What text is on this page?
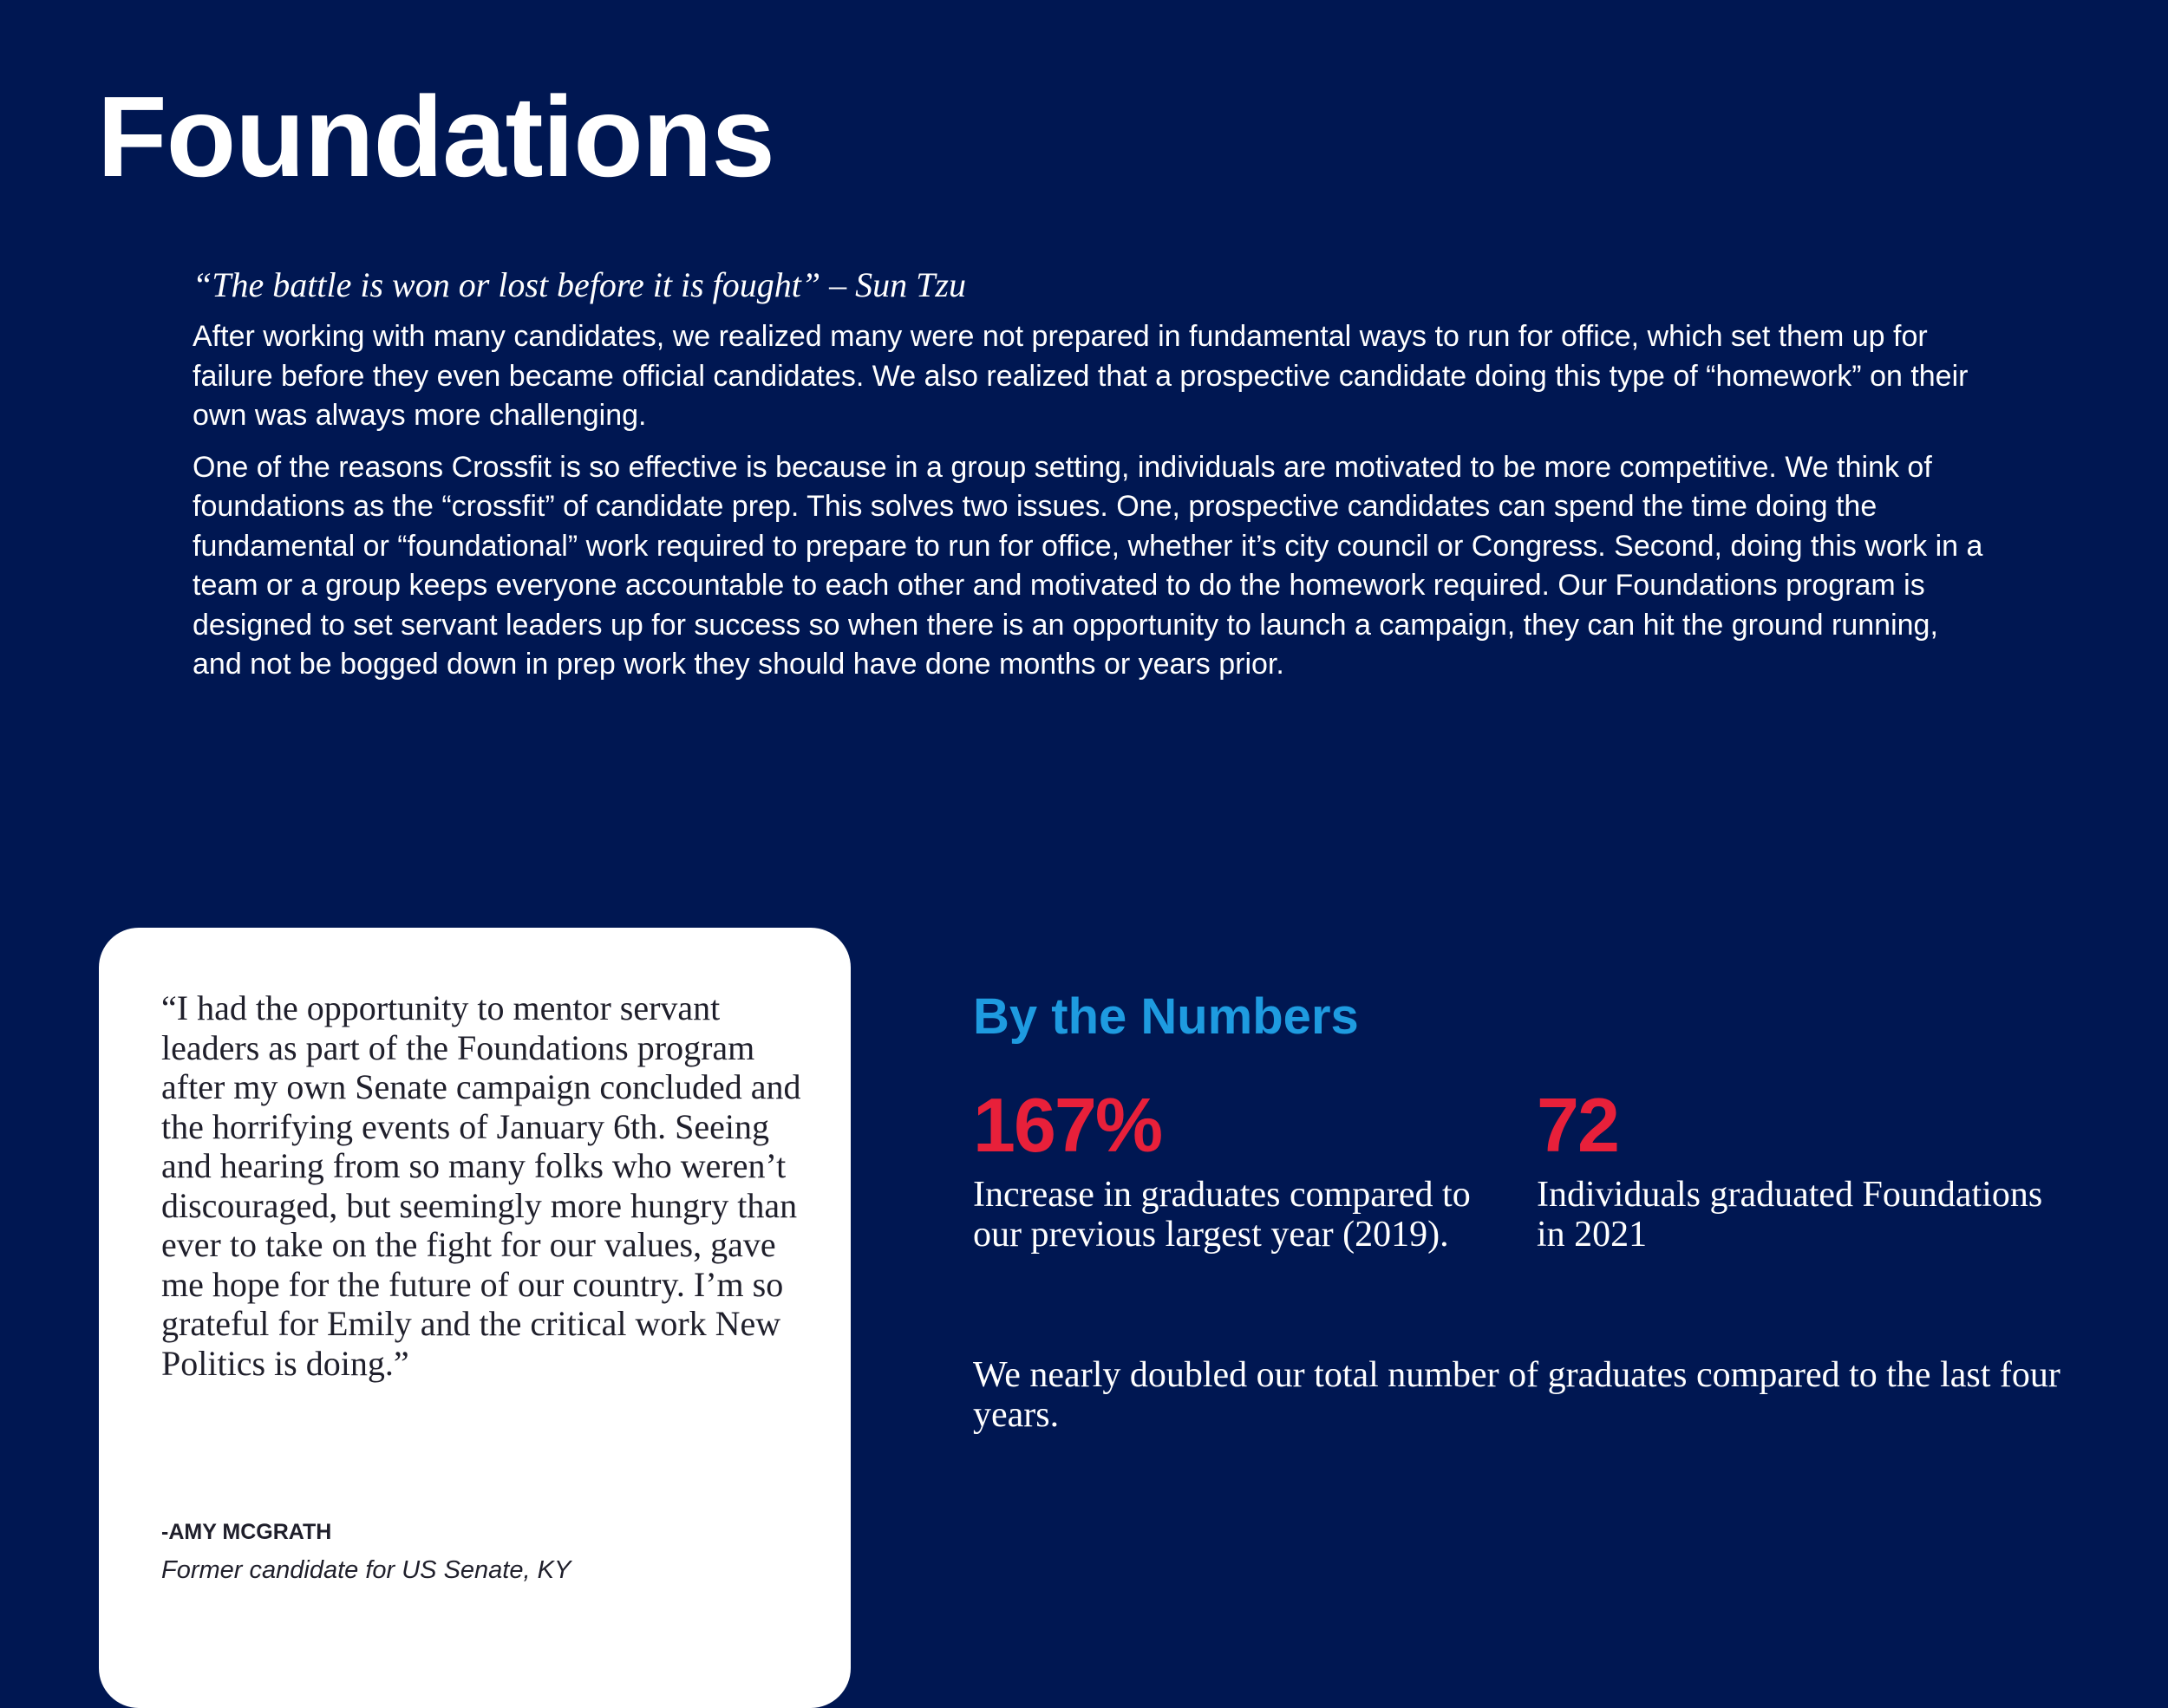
Foundations

“The battle is won or lost before it is fought” – Sun Tzu

After working with many candidates, we realized many were not prepared in fundamental ways to run for office, which set them up for failure before they even became official candidates. We also realized that a prospective candidate doing this type of “homework” on their own was always more challenging.

One of the reasons Crossfit is so effective is because in a group setting, individuals are motivated to be more competitive. We think of foundations as the “crossfit” of candidate prep. This solves two issues. One, prospective candidates can spend the time doing the fundamental or “foundational” work required to prepare to run for office, whether it’s city council or Congress. Second, doing this work in a team or a group keeps everyone accountable to each other and motivated to do the homework required. Our Foundations program is designed to set servant leaders up for success so when there is an opportunity to launch a campaign, they can hit the ground running, and not be bogged down in prep work they should have done months or years prior.

“I had the opportunity to mentor servant leaders as part of the Foundations program after my own Senate campaign concluded and the horrifying events of January 6th. Seeing and hearing from so many folks who weren’t discouraged, but seemingly more hungry than ever to take on the fight for our values, gave me hope for the future of our country. I’m so grateful for Emily and the critical work New Politics is doing.”

-AMY MCGRATH

Former candidate for US Senate, KY

By the Numbers

167%

Increase in graduates compared to our previous largest year (2019).

72

Individuals graduated Foundations in 2021

We nearly doubled our total number of graduates compared to the last four years.
